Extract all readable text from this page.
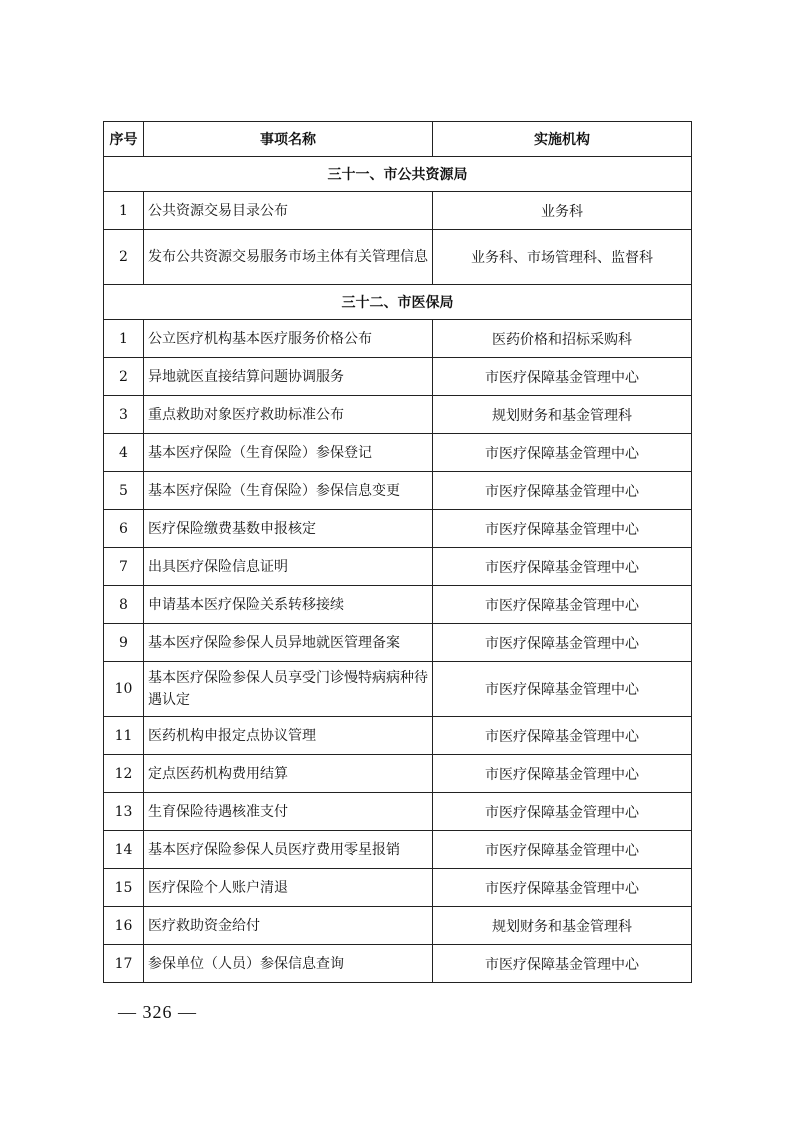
序号	事项名称	实施机构
三十一、市公共资源局		
1	公共资源交易目录公布	业务科
2	发布公共资源交易服务市场主体有关管理信息	业务科、市场管理科、监督科
三十二、市医保局		
1	公立医疗机构基本医疗服务价格公布	医药价格和招标采购科
2	异地就医直接结算问题协调服务	市医疗保障基金管理中心
3	重点救助对象医疗救助标准公布	规划财务和基金管理科
4	基本医疗保险（生育保险）参保登记	市医疗保障基金管理中心
5	基本医疗保险（生育保险）参保信息变更	市医疗保障基金管理中心
6	医疗保险缴费基数申报核定	市医疗保障基金管理中心
7	出具医疗保险信息证明	市医疗保障基金管理中心
8	申请基本医疗保险关系转移接续	市医疗保障基金管理中心
9	基本医疗保险参保人员异地就医管理备案	市医疗保障基金管理中心
10	基本医疗保险参保人员享受门诊慢特病病种待遇认定	市医疗保障基金管理中心
11	医药机构申报定点协议管理	市医疗保障基金管理中心
12	定点医药机构费用结算	市医疗保障基金管理中心
13	生育保险待遇核准支付	市医疗保障基金管理中心
14	基本医疗保险参保人员医疗费用零星报销	市医疗保障基金管理中心
15	医疗保险个人账户清退	市医疗保障基金管理中心
16	医疗救助资金给付	规划财务和基金管理科
17	参保单位（人员）参保信息查询	市医疗保障基金管理中心
— 326 —
